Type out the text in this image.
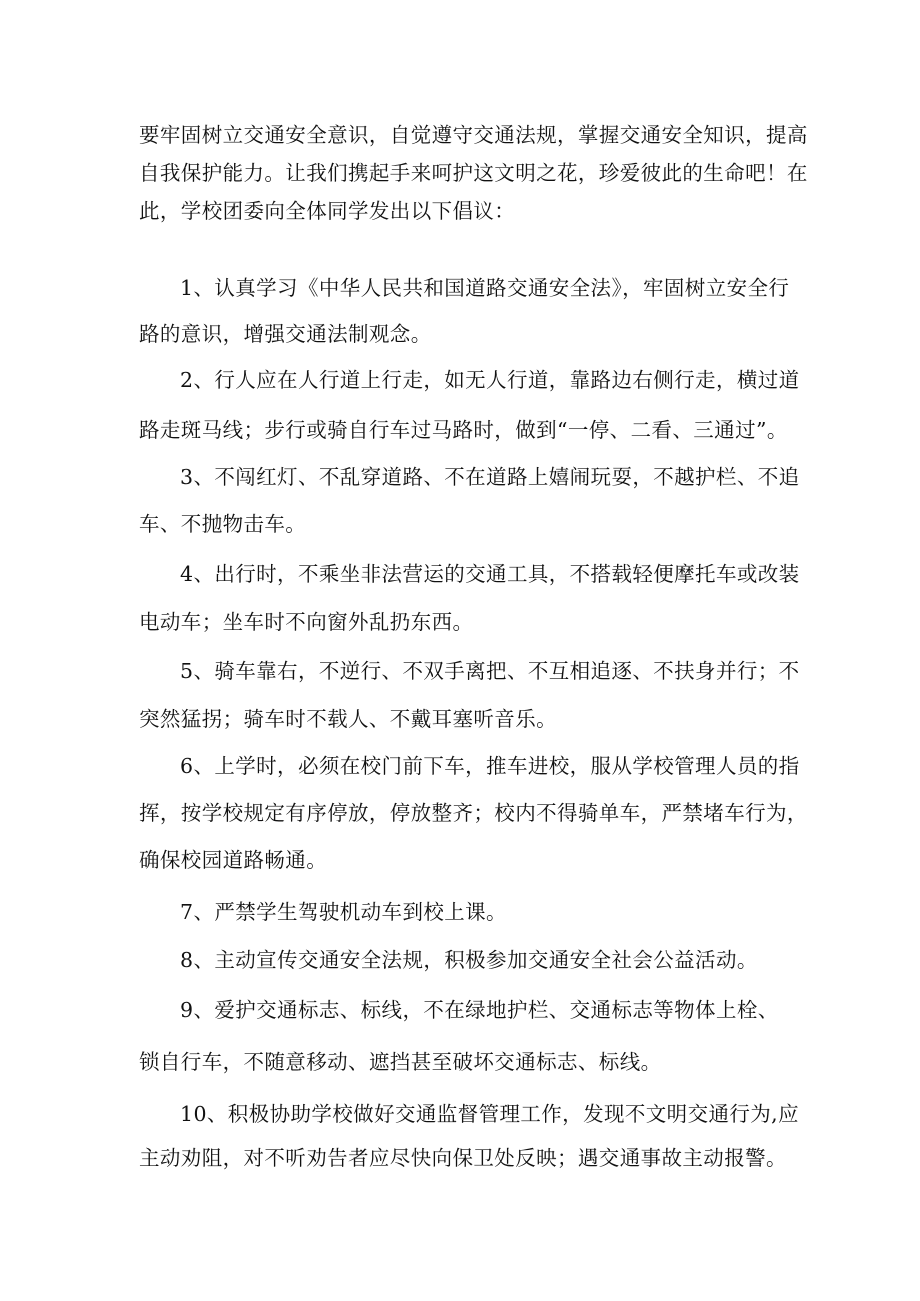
要牢固树立交通安全意识，自觉遵守交通法规，掌握交通安全知识，提高

自我保护能力。让我们携起手来呵护这文明之花，珍爱彼此的生命吧！在

此，学校团委向全体同学发出以下倡议：

1、认真学习《中华人民共和国道路交通安全法》，牢固树立安全行

路的意识，增强交通法制观念。

2、行人应在人行道上行走，如无人行道，靠路边右侧行走，横过道

路走斑马线；步行或骑自行车过马路时，做到“一停、二看、三通过”。

3、不闯红灯、不乱穿道路、不在道路上嬉闹玩耍，不越护栏、不追

车、不抛物击车。

4、出行时，不乘坐非法营运的交通工具，不搭载轻便摩托车或改装

电动车；坐车时不向窗外乱扔东西。

5、骑车靠右，不逆行、不双手离把、不互相追逐、不扶身并行；不

突然猛拐；骑车时不载人、不戴耳塞听音乐。

6、上学时，必须在校门前下车，推车进校，服从学校管理人员的指

挥，按学校规定有序停放，停放整齐；校内不得骑单车，严禁堵车行为，

确保校园道路畅通。

7、严禁学生驾驶机动车到校上课。

8、主动宣传交通安全法规，积极参加交通安全社会公益活动。

9、爱护交通标志、标线，不在绿地护栏、交通标志等物体上栓、

锁自行车，不随意移动、遮挡甚至破坏交通标志、标线。

10、积极协助学校做好交通监督管理工作，发现不文明交通行为,应

主动劝阻，对不听劝告者应尽快向保卫处反映；遇交通事故主动报警。
